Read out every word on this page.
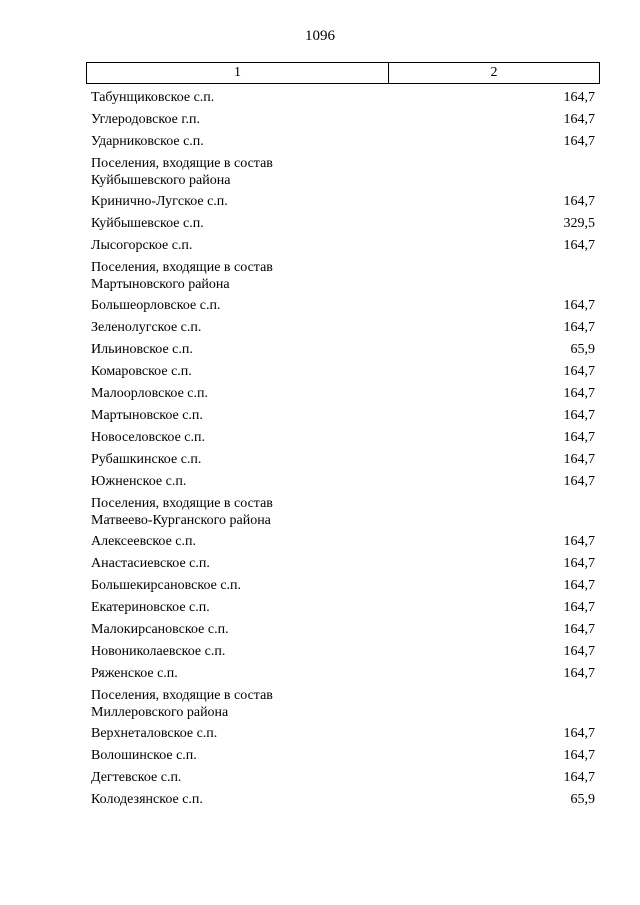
1096
1	2
Табунщиковское с.п.	164,7
Углеродовское г.п.	164,7
Ударниковское с.п.	164,7
Поселения, входящие в состав
Куйбышевского района
Кринично-Лугское с.п.	164,7
Куйбышевское с.п.	329,5
Лысогорское с.п.	164,7
Поселения, входящие в состав
Мартыновского района
Большеорловское с.п.	164,7
Зеленолугское с.п.	164,7
Ильиновское с.п.	65,9
Комаровское с.п.	164,7
Малоорловское с.п.	164,7
Мартыновское с.п.	164,7
Новоселовское с.п.	164,7
Рубашкинское с.п.	164,7
Южненское с.п.	164,7
Поселения, входящие в состав
Матвеево-Курганского района
Алексеевское с.п.	164,7
Анастасиевское с.п.	164,7
Большекирсановское с.п.	164,7
Екатериновское с.п.	164,7
Малокирсановское с.п.	164,7
Новониколаевское с.п.	164,7
Ряженское с.п.	164,7
Поселения, входящие в состав
Миллеровского района
Верхнеталовское с.п.	164,7
Волошинское с.п.	164,7
Дегтевское с.п.	164,7
Колодезянское с.п.	65,9
